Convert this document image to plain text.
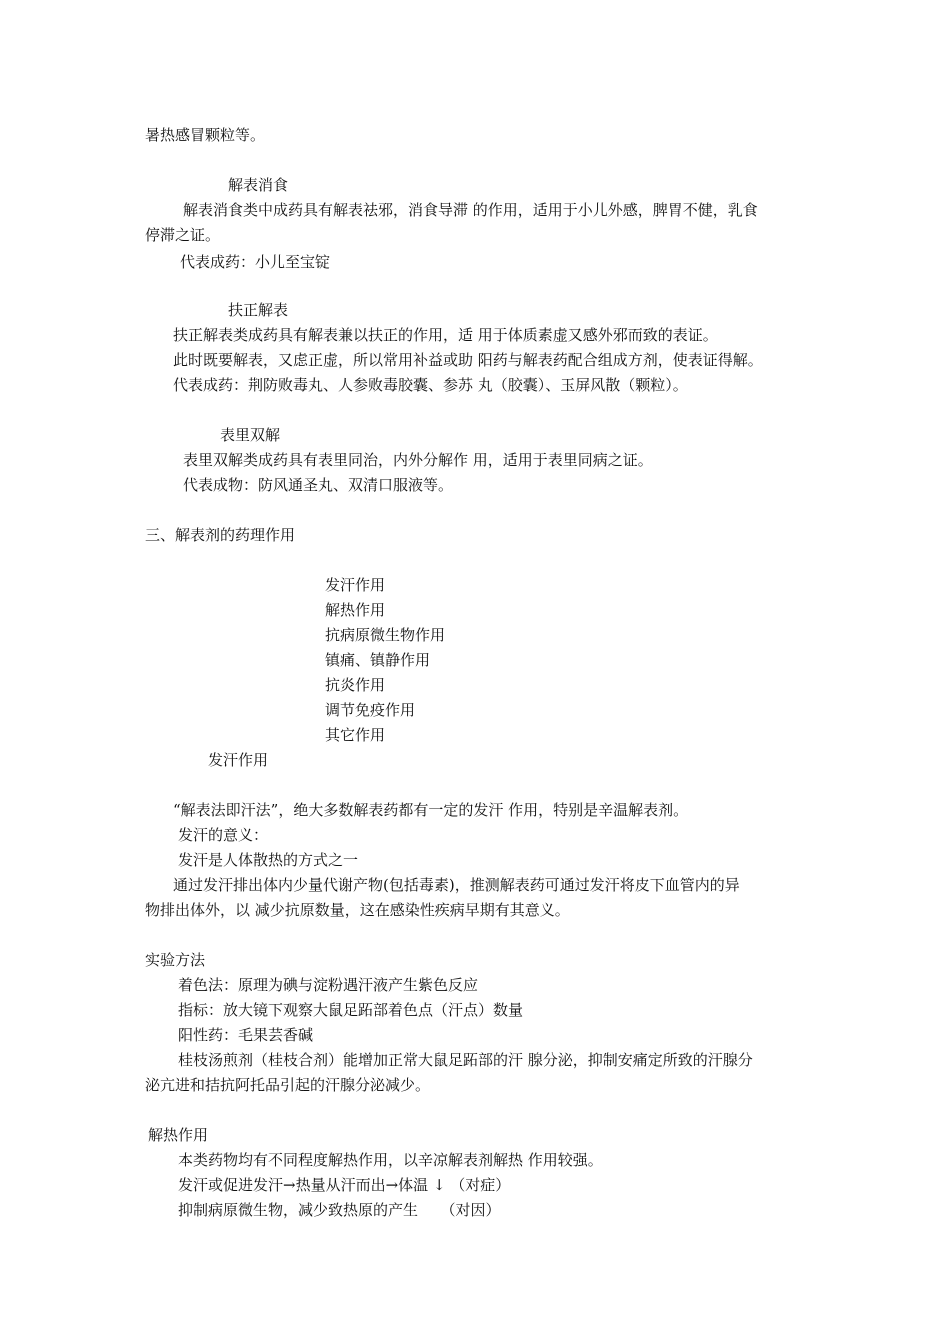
暑热感冒颗粒等。
解表消食
解表消食类中成药具有解表祛邪，消食导滞 的作用，适用于小儿外感，脾胃不健，乳食
停滞之证。
代表成药：小儿至宝锭
扶正解表
扶正解表类成药具有解表兼以扶正的作用，适 用于体质素虚又感外邪而致的表证。
此时既要解表，又虑正虚，所以常用补益或助 阳药与解表药配合组成方剂，使表证得解。
代表成药：荆防败毒丸、人参败毒胶囊、参苏 丸（胶囊）、玉屏风散（颗粒）。
表里双解
表里双解类成药具有表里同治，内外分解作 用，适用于表里同病之证。
代表成物：防风通圣丸、双清口服液等。
三、解表剂的药理作用
发汗作用
解热作用
抗病原微生物作用
镇痛、镇静作用
抗炎作用
调节免疫作用
其它作用
发汗作用
“解表法即汗法”，绝大多数解表药都有一定的发汗 作用，特别是辛温解表剂。
发汗的意义：
发汗是人体散热的方式之一
通过发汗排出体内少量代谢产物(包括毒素)，推测解表药可通过发汗将皮下血管内的异
物排出体外，以 减少抗原数量，这在感染性疾病早期有其意义。
实验方法
着色法：原理为碘与淀粉遇汗液产生紫色反应
指标：放大镜下观察大鼠足跖部着色点（汗点）数量
阳性药：毛果芸香碱
桂枝汤煎剂（桂枝合剂）能增加正常大鼠足跖部的汗 腺分泌，抑制安痛定所致的汗腺分
泌亢进和拮抗阿托品引起的汗腺分泌减少。
解热作用
本类药物均有不同程度解热作用，以辛凉解表剂解热 作用较强。
发汗或促进发汗→热量从汗而出→体温 ↓ （对症）
抑制病原微生物，减少致热原的产生　　（对因）
